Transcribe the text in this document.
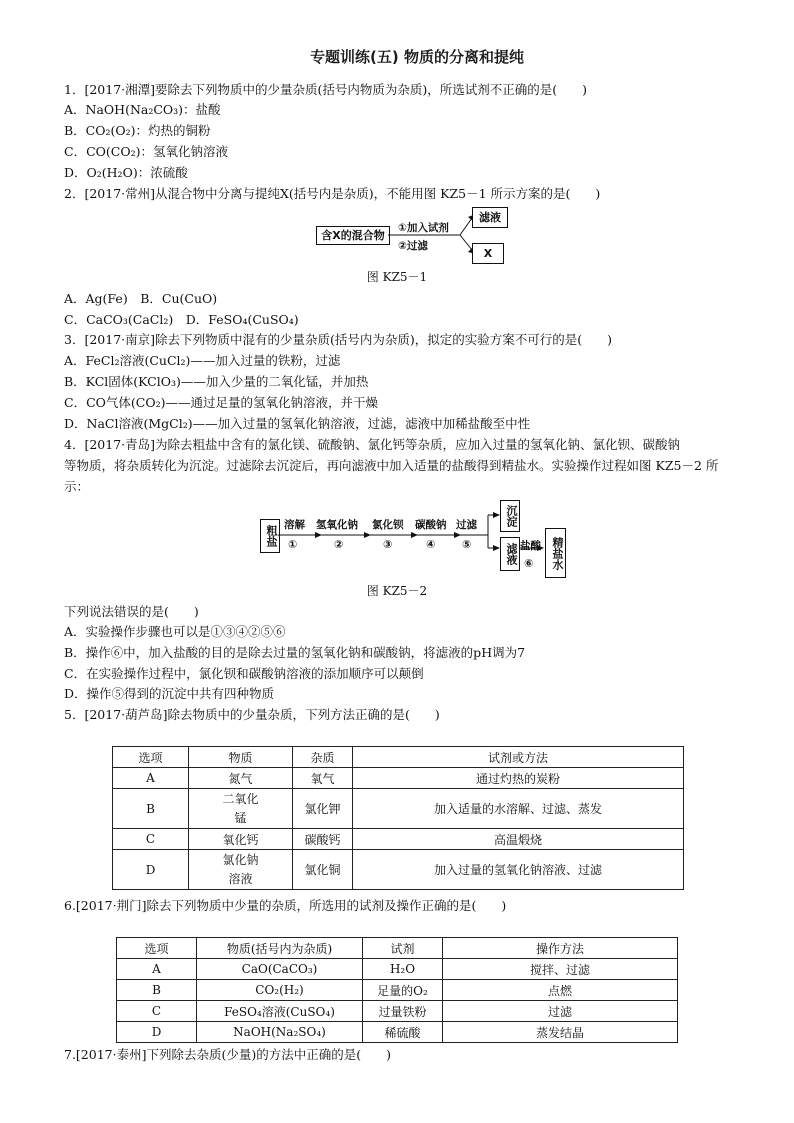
专题训练(五) 物质的分离和提纯
1．[2017·湘潭]要除去下列物质中的少量杂质(括号内物质为杂质)，所选试剂不正确的是(　　)
A．NaOH(Na₂CO₃)：盐酸
B．CO₂(O₂)：灼热的铜粉
C．CO(CO₂)：氢氧化钠溶液
D．O₂(H₂O)：浓硫酸
2．[2017·常州]从混合物中分离与提纯X(括号内是杂质)，不能用图 KZ5－1 所示方案的是(　　)
含X的混合物
①加入试剂
②过滤
滤液
X
图 KZ5－1
A．Ag(Fe)　B．Cu(CuO)
C．CaCO₃(CaCl₂)　D．FeSO₄(CuSO₄)
3．[2017·南京]除去下列物质中混有的少量杂质(括号内为杂质)，拟定的实验方案不可行的是(　　)
A．FeCl₂溶液(CuCl₂)——加入过量的铁粉，过滤
B．KCl固体(KClO₃)——加入少量的二氧化锰，并加热
C．CO气体(CO₂)——通过足量的氢氧化钠溶液，并干燥
D．NaCl溶液(MgCl₂)——加入过量的氢氧化钠溶液，过滤，滤液中加稀盐酸至中性
4．[2017·青岛]为除去粗盐中含有的氯化镁、硫酸钠、氯化钙等杂质，应加入过量的氢氧化钠、氯化钡、碳酸钠
等物质，将杂质转化为沉淀。过滤除去沉淀后，再向滤液中加入适量的盐酸得到精盐水。实验操作过程如图 KZ5－2 所
示：
粗盐 溶解 氢氧化钠 氯化钡 碳酸钠 过滤
①	②	③	④ ⑤
沉淀
滤液 盐酸
⑥	精盐水
图 KZ5－2
下列说法错误的是(　　)
A．实验操作步骤也可以是①③④②⑤⑥
B．操作⑥中，加入盐酸的目的是除去过量的氢氧化钠和碳酸钠，将滤液的pH调为7
C．在实验操作过程中，氯化钡和碳酸钠溶液的添加顺序可以颠倒
D．操作⑤得到的沉淀中共有四种物质
5．[2017·葫芦岛]除去物质中的少量杂质，下列方法正确的是(　　)
选项	物质	杂质	试剂或方法
A	氮气	氧气	通过灼热的炭粉
B	二氧化锰	氯化钾	加入适量的水溶解、过滤、蒸发
C	氧化钙	碳酸钙	高温煅烧
D	氯化钠溶液	氯化铜	加入过量的氢氧化钠溶液、过滤
6.[2017·荆门]除去下列物质中少量的杂质，所选用的试剂及操作正确的是(　　)
选项	物质(括号内为杂质)	试剂	操作方法
A	CaO(CaCO₃)	H₂O	搅拌、过滤
B	CO₂(H₂)	足量的O₂	点燃
C	FeSO₄溶液(CuSO₄)	过量铁粉	过滤
D	NaOH(Na₂SO₄)	稀硫酸	蒸发结晶
7.[2017·泰州]下列除去杂质(少量)的方法中正确的是(　　)
